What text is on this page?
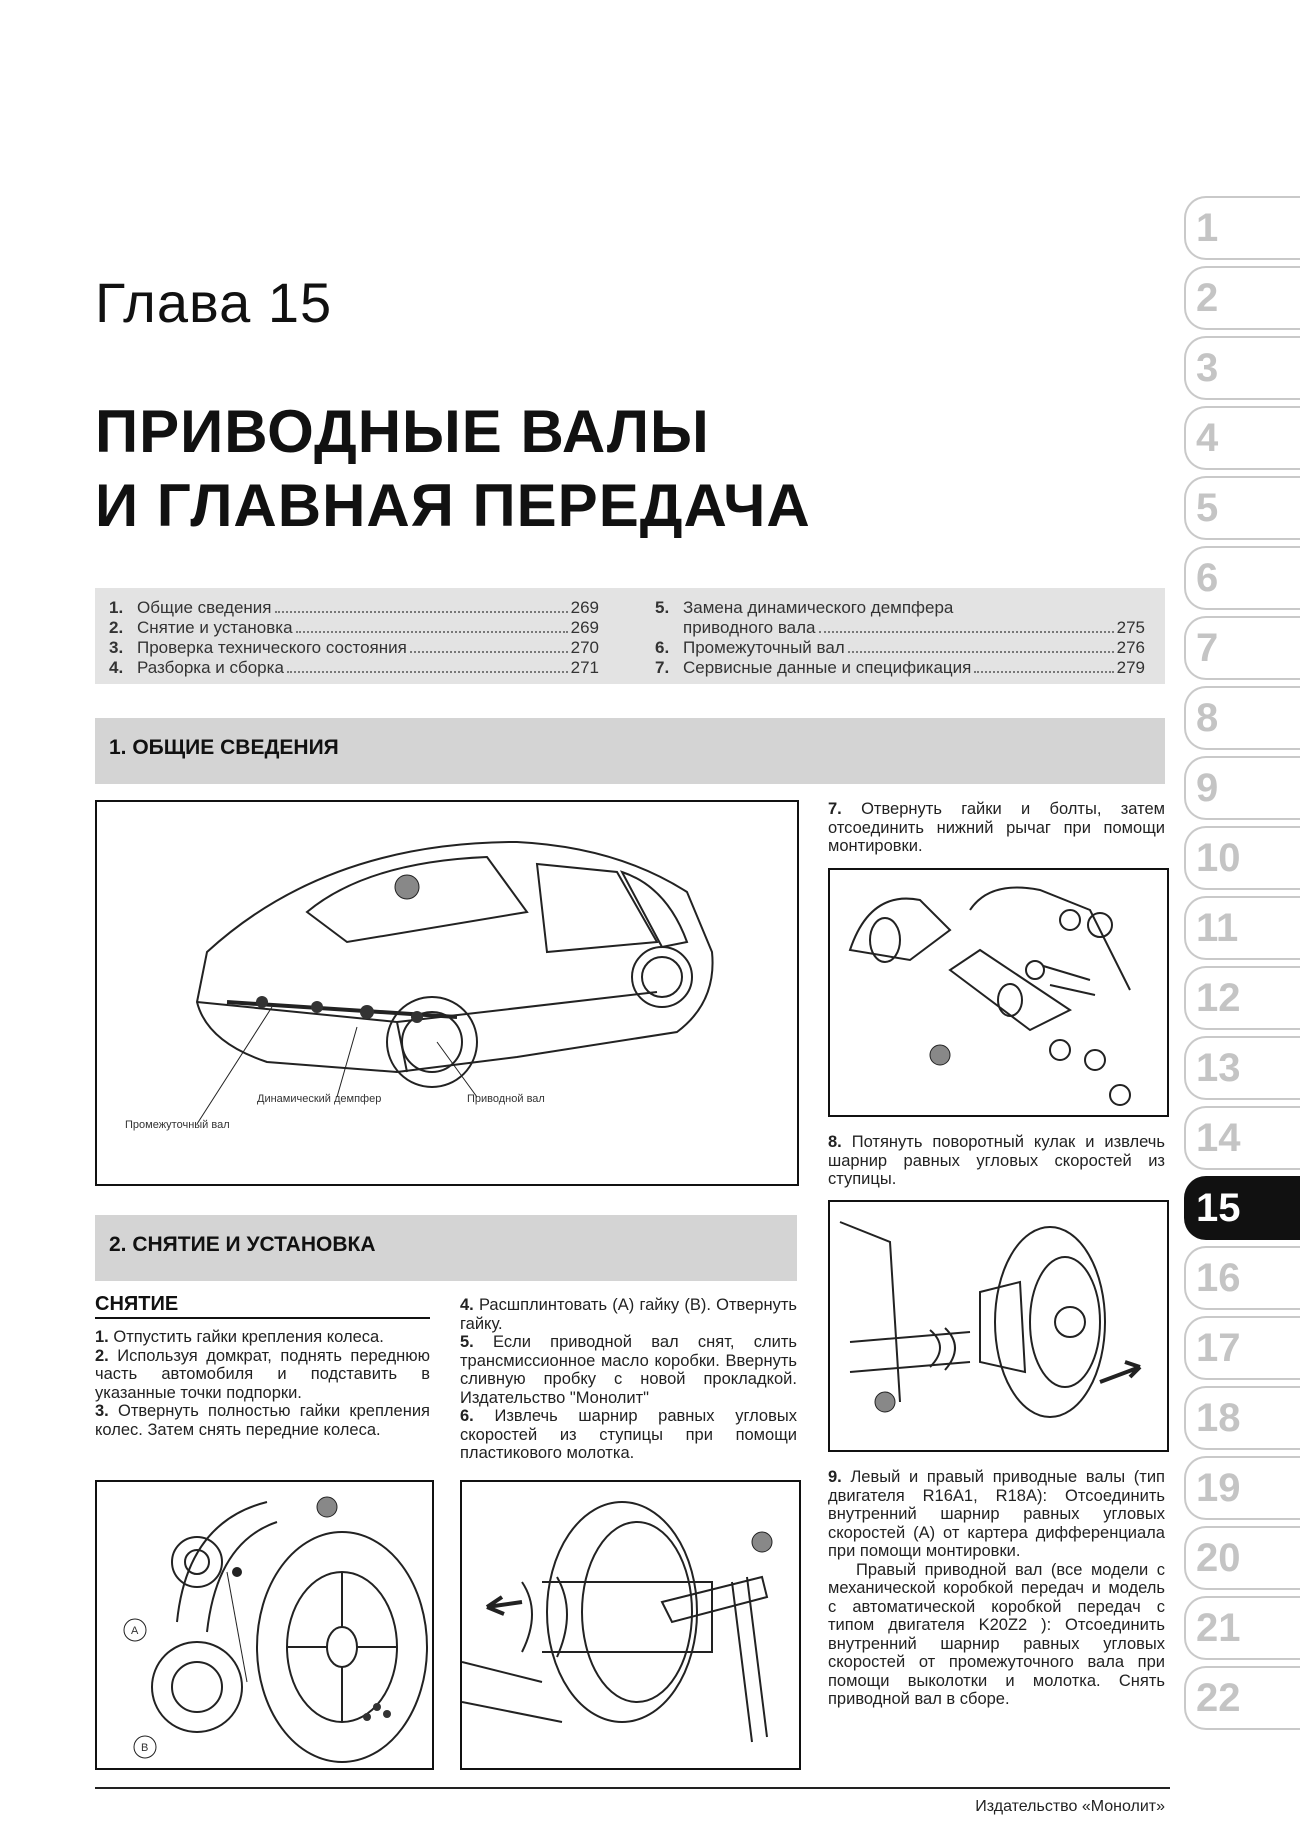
Глава 15
ПРИВОДНЫЕ ВАЛЫ
И ГЛАВНАЯ ПЕРЕДАЧА
1. Общие сведения	269
2. Снятие и установка	269
3. Проверка технического состояния	270
4. Разборка и сборка	271
5. Замена динамического демпфера
приводного вала	275
6. Промежуточный вал	276
7. Сервисные данные и спецификация	279
1. ОБЩИЕ СВЕДЕНИЯ
Динамический демпфер	Приводной вал
Промежуточный вал
2. СНЯТИЕ И УСТАНОВКА
СНЯТИЕ

1. Отпустить гайки крепления колеса.

2. Используя домкрат, поднять переднюю часть автомобиля и подставить в указанные точки подпорки.

3. Отвернуть полностью гайки крепления колес. Затем снять передние колеса.

4. Расшплинтовать (A) гайку (B). Отвернуть гайку.

5. Если приводной вал снят, слить трансмиссионное масло коробки. Ввернуть сливную пробку с новой прокладкой. Издательство "Монолит"

6. Извлечь шарнир равных угловых скоростей из ступицы при помощи пластикового молотка.

A
B

7. Отвернуть гайки и болты, затем отсоединить нижний рычаг при помощи монтировки.

8. Потянуть поворотный кулак и извлечь шарнир равных угловых скоростей из ступицы.

9. Левый и правый приводные валы (тип двигателя R16A1, R18A): Отсоединить внутренний шарнир равных угловых скоростей (A) от картера дифференциала при помощи монтировки.

Правый приводной вал (все модели с механической коробкой передач и модель с автоматической коробкой передач с типом двигателя K20Z2 ): Отсоединить внутренний шарнир равных угловых скоростей от промежуточного вала при помощи выколотки и молотка. Снять приводной вал в сборе.

1
2
3
4
5
6
7
8
9
10
11
12
13
14
15
16
17
18
19
20
21
22
Издательство «Монолит»
